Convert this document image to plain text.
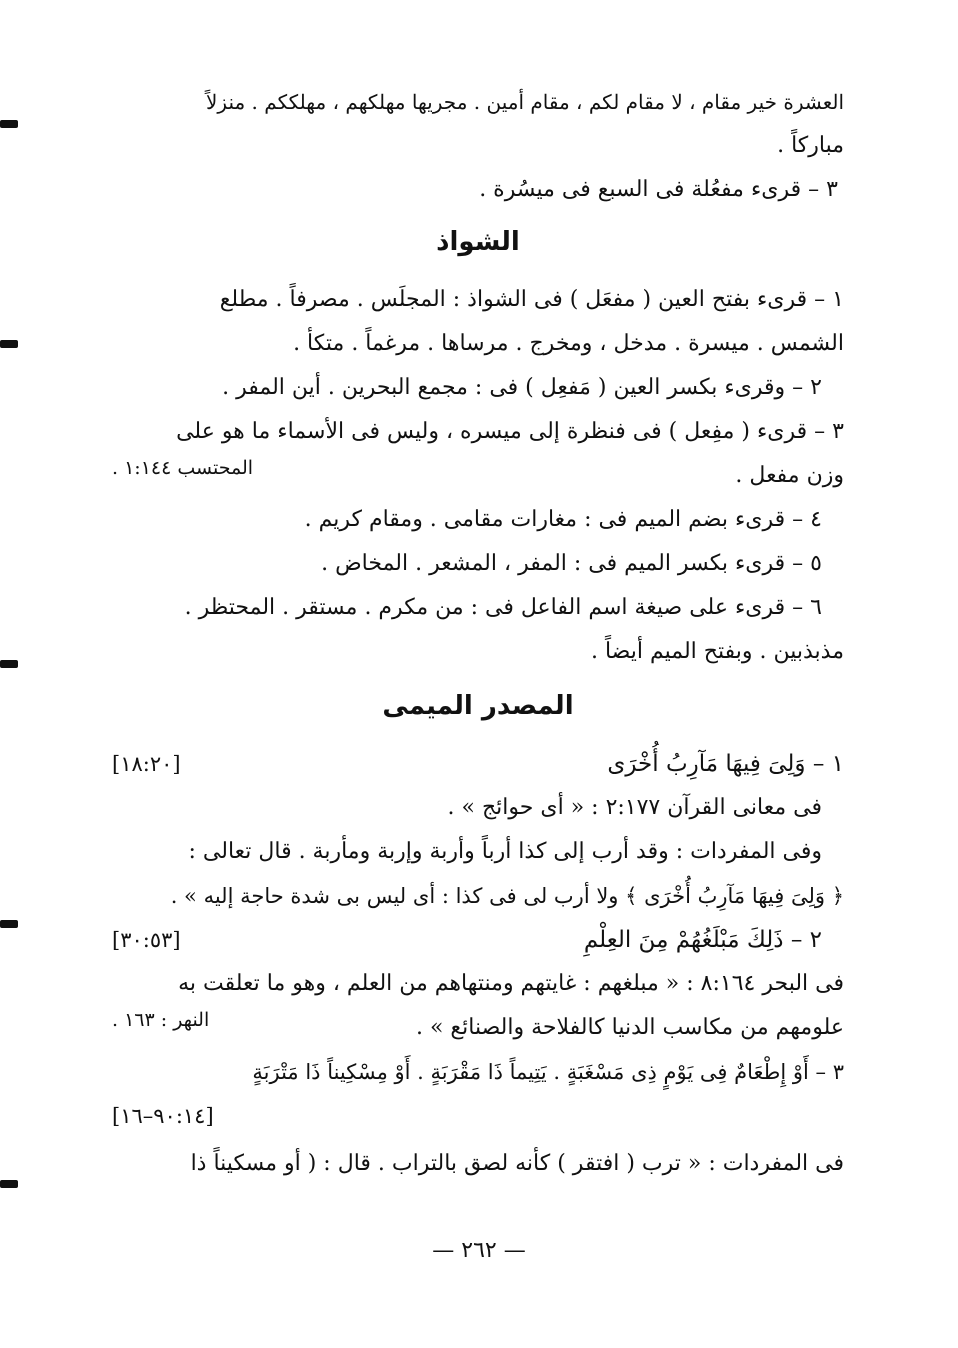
العشرة خير مقام ، لا مقام لكم ، مقام أمين . مجريها مهلكهم ، مهلككم . منزلاً
مباركاً .
٣ – قرىء مفعُلة فى السبع فى ميسُرة .
الشواذ
١ – قرىء بفتح العين ( مفعَل ) فى الشواذ : المجلَس . مصرفاً . مطلع
الشمس . ميسرة . مدخل ، ومخرج . مرساها . مرغماً . متكأ .
٢ – وقرىء بكسر العين ( مَفعِل ) فى : مجمع البحرين . أين المفر .
٣ – قرىء ( مفِعل ) فى فنظرة إلى ميسره ، وليس فى الأسماء ما هو على
وزن مفعل .
المحتسب ١:١٤٤ .
٤ – قرىء بضم الميم فى : مغارات مقامى . ومقام كريم .
٥ – قرىء بكسر الميم فى : المفر ، المشعر . المخاض .
٦ – قرىء على صيغة اسم الفاعل فى : من مكرم . مستقر . المحتظر .
مذبذبين . وبفتح الميم أيضاً .
المصدر الميمى
١ – وَلِىَ فِيهَا مَآرِبُ أُخْرَى
[١٨:٢٠]
فى معانى القرآن ٢:١٧٧ : « أى حوائج » .
وفى المفردات : وقد أرب إلى كذا أرباً وأربة وإربة ومأربة . قال تعالى :
﴿ وَلِىَ فِيهَا مَآرِبُ أُخْرَى ﴾ ولا أرب لى فى كذا : أى ليس بى شدة حاجة إليه » .
٢ – ذَلِكَ مَبْلَغُهُمْ مِنَ العِلْمِ
[٣٠:٥٣]
فى البحر ٨:١٦٤ : « مبلغهم : غايتهم ومنتهاهم من العلم ، وهو ما تعلقت به
علومهم من مكاسب الدنيا كالفلاحة والصنائع » .
النهر : ١٦٣ .
٣ – أَوْ إِطْعَامٌ فِى يَوْمٍ ذِى مَسْغَبَةٍ . يَتِيماً ذَا مَقْرَبَةٍ . أَوْ مِسْكِيناً ذَا مَتْرَبَةٍ
[٩٠:١٤–١٦]
فى المفردات : « ترب ( افتقر ) كأنه لصق بالتراب . قال : ( أو مسكيناً ذا
— ٢٦٢ —
